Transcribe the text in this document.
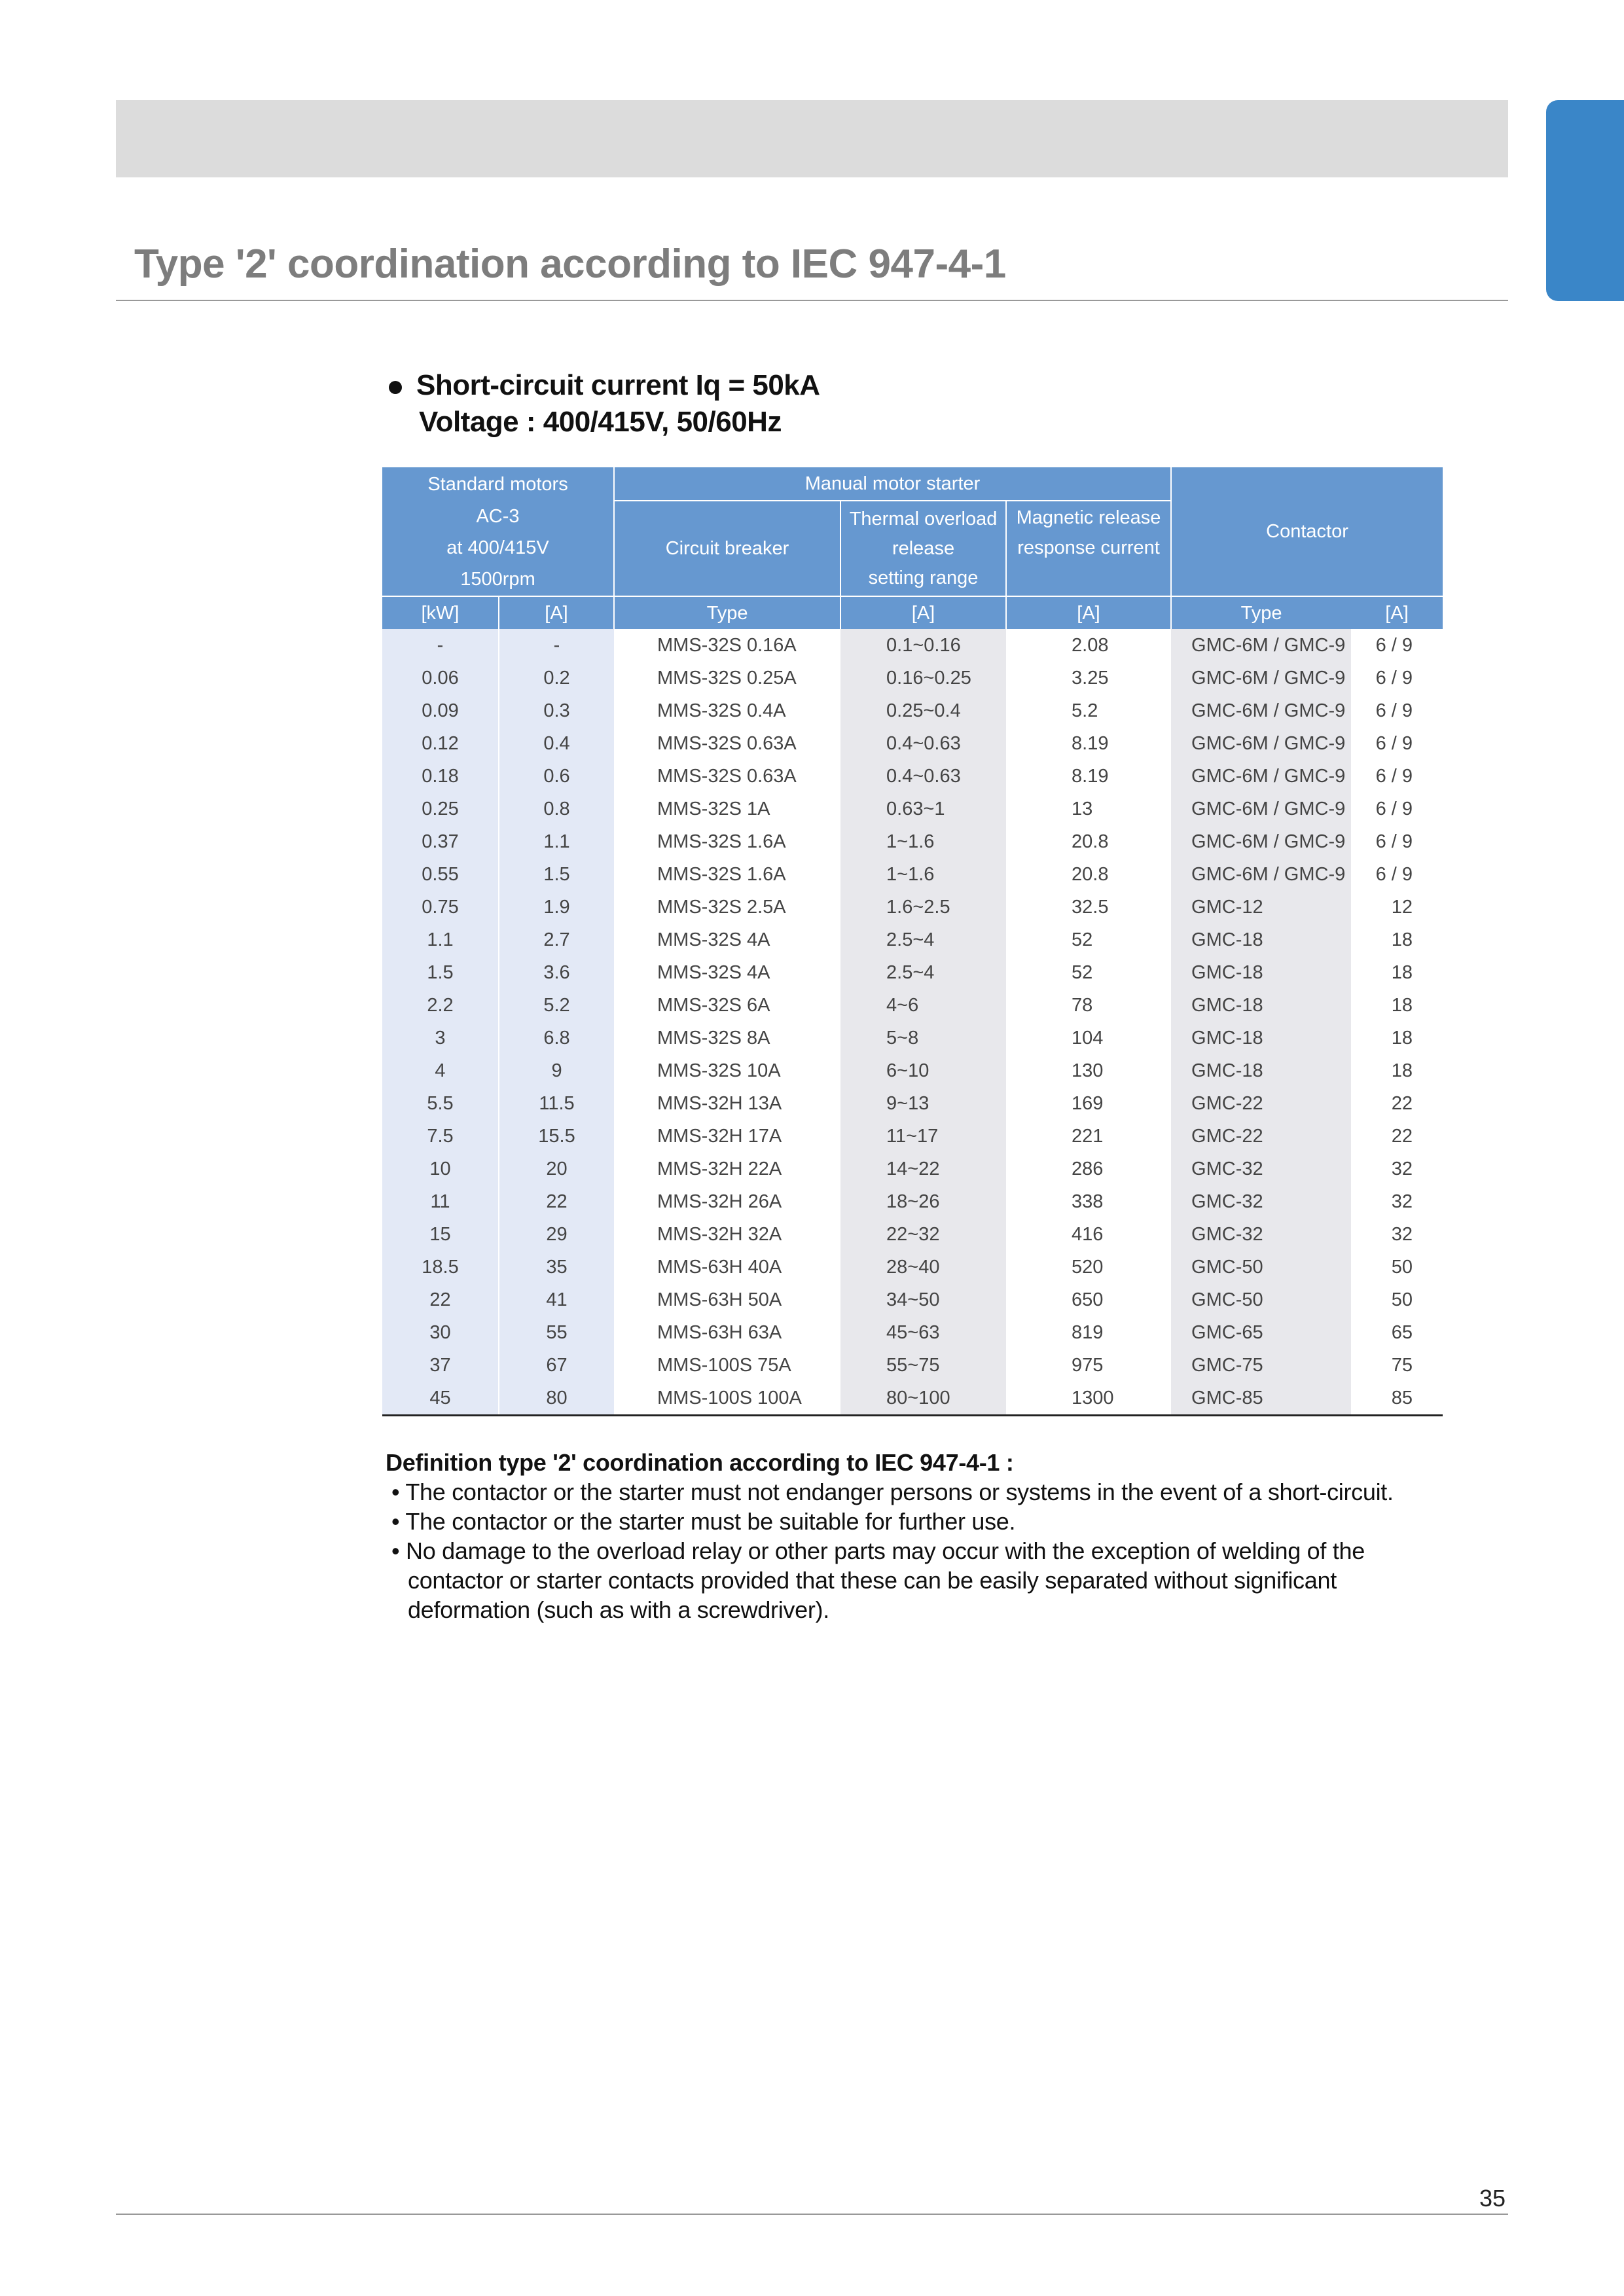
Type '2' coordination according to IEC 947-4-1
Short-circuit current Iq = 50kA
Voltage : 400/415V, 50/60Hz
Standard motors		Manual motor starter			Contactor	

AC-3
at 400/415V
1500rpm		Circuit breaker	Thermal overload
release
setting range	Magnetic release
response current		

[kW]	[A]	Type	[A]	[A]	Type	[A]
-	-	MMS-32S 0.16A	0.1~0.16	2.08	GMC-6M / GMC-9	6 / 9
0.06	0.2	MMS-32S 0.25A	0.16~0.25	3.25	GMC-6M / GMC-9	6 / 9
0.09	0.3	MMS-32S 0.4A	0.25~0.4	5.2	GMC-6M / GMC-9	6 / 9
0.12	0.4	MMS-32S 0.63A	0.4~0.63	8.19	GMC-6M / GMC-9	6 / 9
0.18	0.6	MMS-32S 0.63A	0.4~0.63	8.19	GMC-6M / GMC-9	6 / 9
0.25	0.8	MMS-32S 1A	0.63~1	13	GMC-6M / GMC-9	6 / 9
0.37	1.1	MMS-32S 1.6A	1~1.6	20.8	GMC-6M / GMC-9	6 / 9
0.55	1.5	MMS-32S 1.6A	1~1.6	20.8	GMC-6M / GMC-9	6 / 9
0.75	1.9	MMS-32S 2.5A	1.6~2.5	32.5	GMC-12	12
1.1	2.7	MMS-32S 4A	2.5~4	52	GMC-18	18
1.5	3.6	MMS-32S 4A	2.5~4	52	GMC-18	18
2.2	5.2	MMS-32S 6A	4~6	78	GMC-18	18
3	6.8	MMS-32S 8A	5~8	104	GMC-18	18
4	9	MMS-32S 10A	6~10	130	GMC-18	18
5.5	11.5	MMS-32H 13A	9~13	169	GMC-22	22
7.5	15.5	MMS-32H 17A	11~17	221	GMC-22	22
10	20	MMS-32H 22A	14~22	286	GMC-32	32
11	22	MMS-32H 26A	18~26	338	GMC-32	32
15	29	MMS-32H 32A	22~32	416	GMC-32	32
18.5	35	MMS-63H 40A	28~40	520	GMC-50	50
22	41	MMS-63H 50A	34~50	650	GMC-50	50
30	55	MMS-63H 63A	45~63	819	GMC-65	65
37	67	MMS-100S 75A	55~75	975	GMC-75	75
45	80	MMS-100S 100A	80~100	1300	GMC-85	85
Definition type '2' coordination according to IEC 947-4-1 :
• The contactor or the starter must not endanger persons or systems in the event of a short-circuit.
• The contactor or the starter must be suitable for further use.
• No damage to the overload relay or other parts may occur with the exception of welding of the
contactor or starter contacts provided that these can be easily separated without significant
deformation (such as with a screwdriver).
35
